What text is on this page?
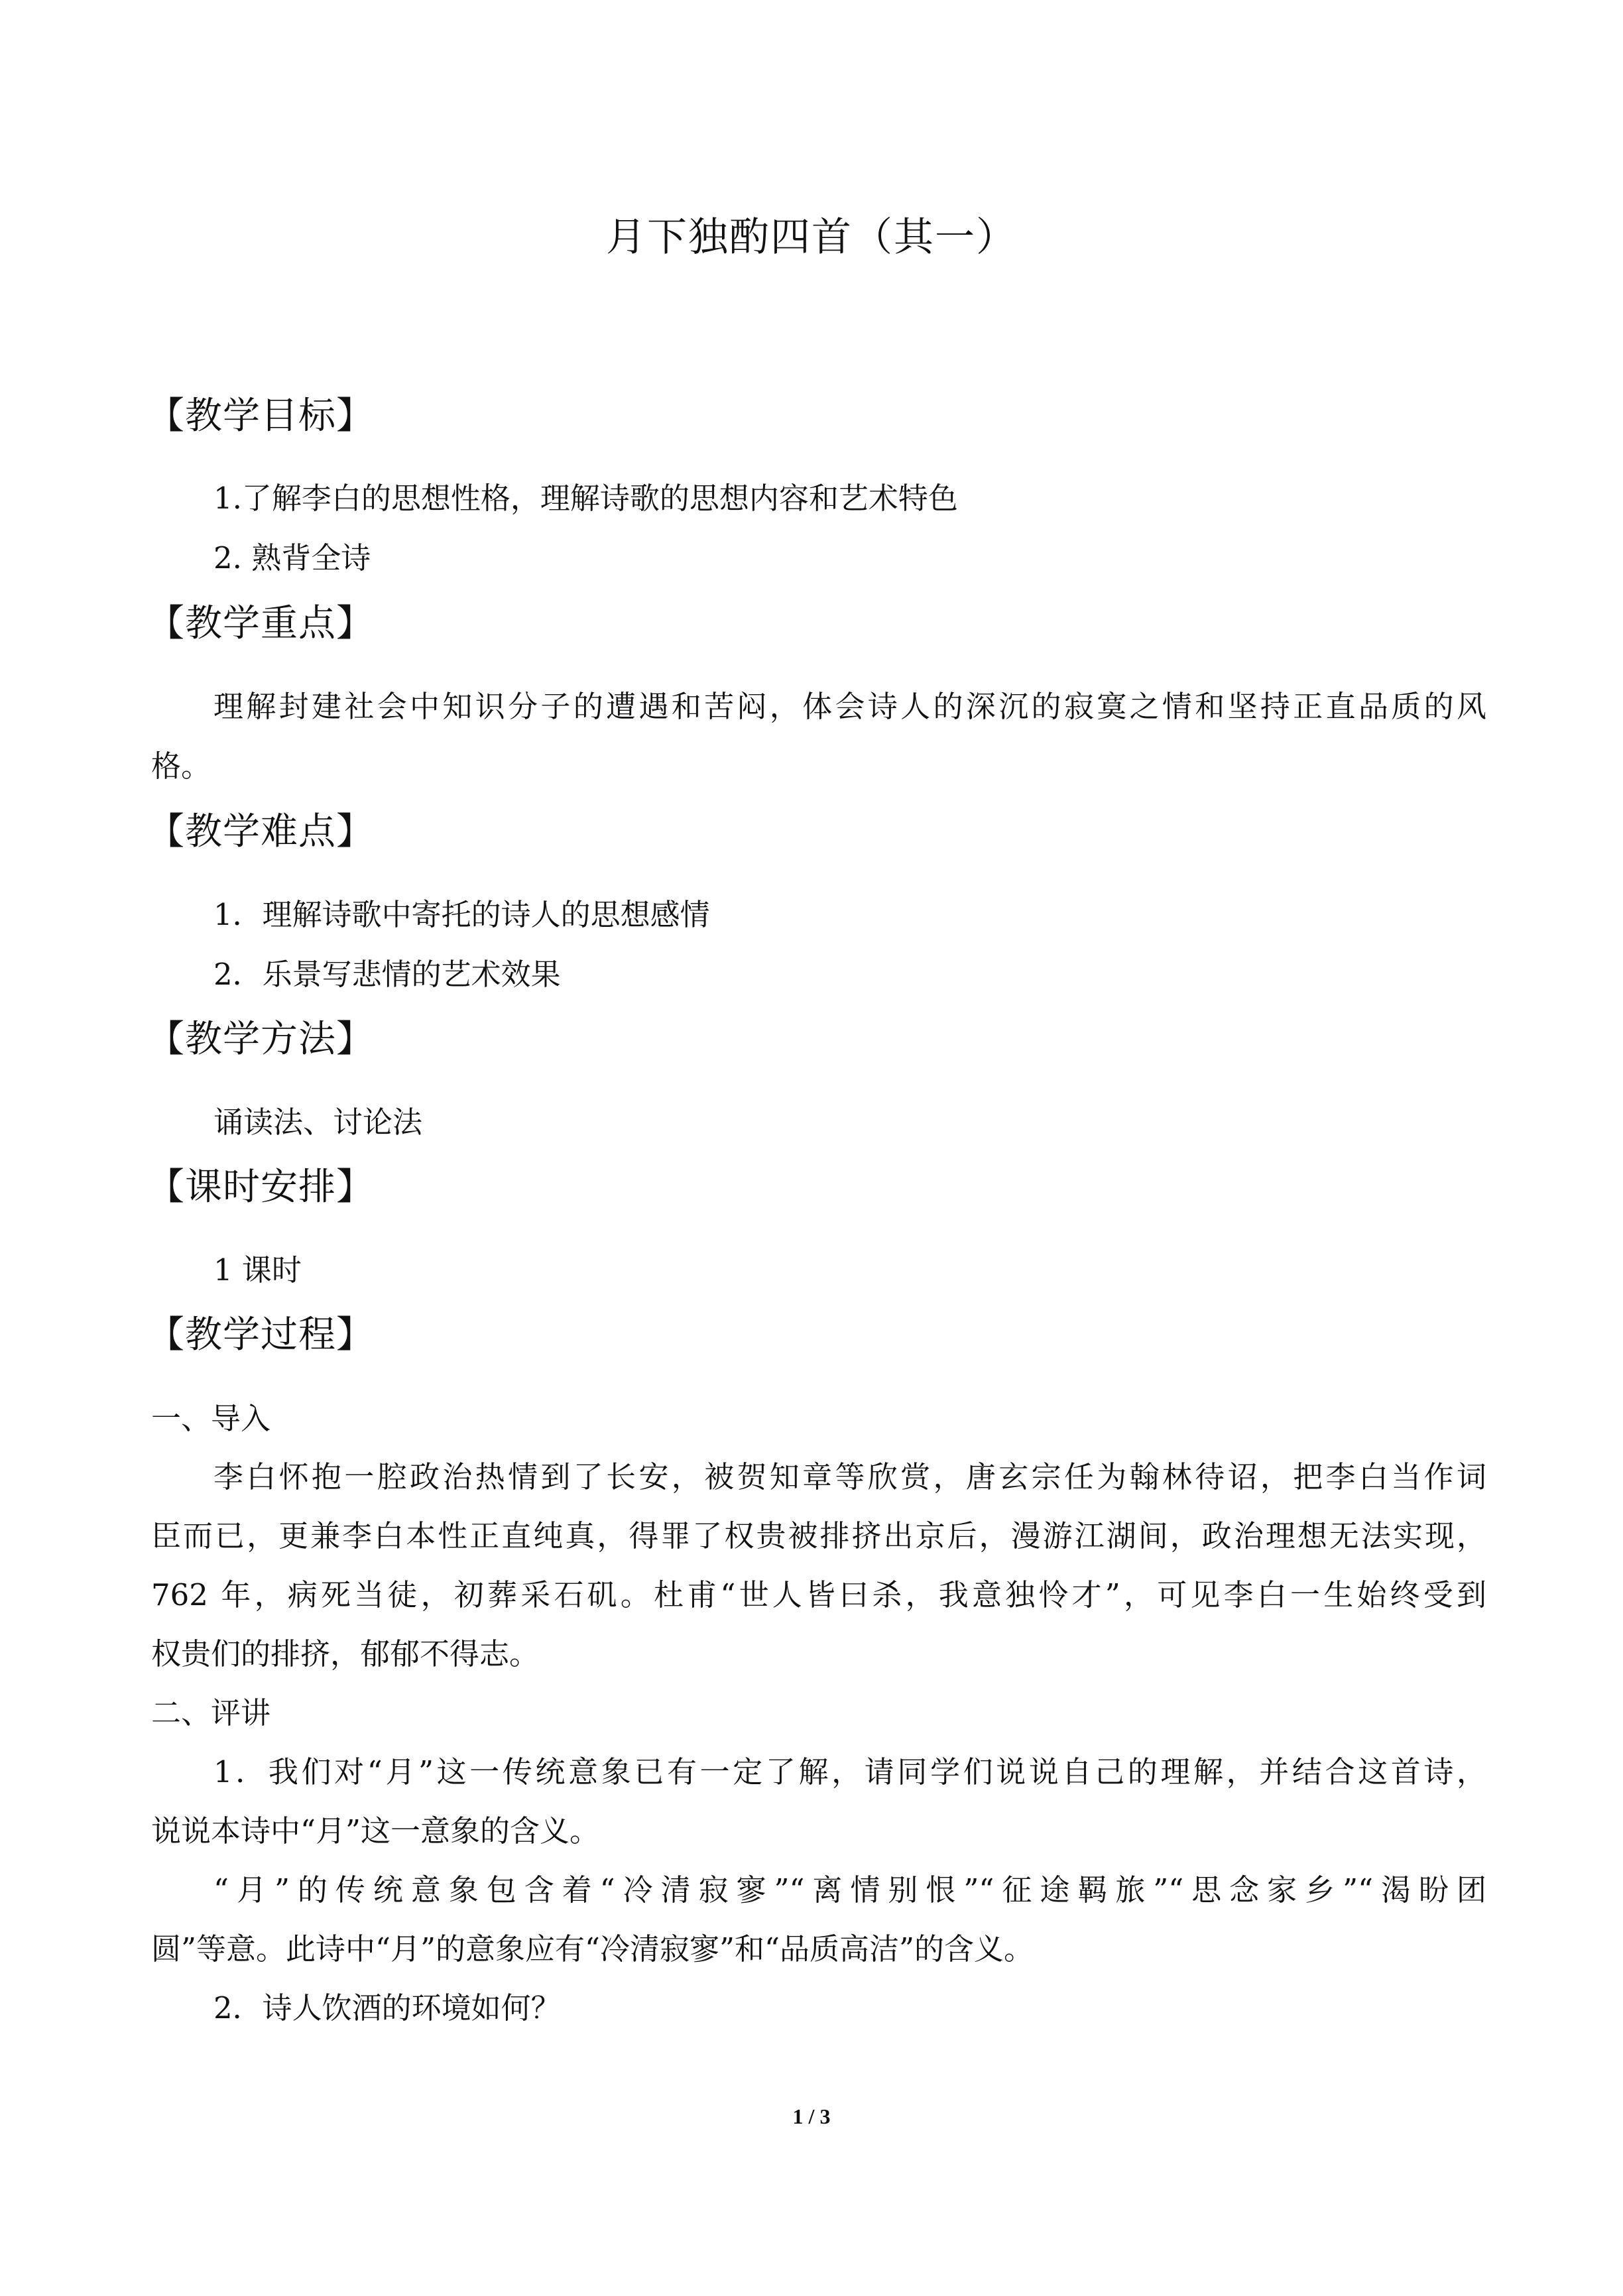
月下独酌四首（其一）
【教学目标】
1.了解李白的思想性格，理解诗歌的思想内容和艺术特色
2. 熟背全诗
【教学重点】
理解封建社会中知识分子的遭遇和苦闷，体会诗人的深沉的寂寞之情和坚持正直品质的风
格。
【教学难点】
1．理解诗歌中寄托的诗人的思想感情
2．乐景写悲情的艺术效果
【教学方法】
诵读法、讨论法
【课时安排】
1 课时
【教学过程】
一、导入
李白怀抱一腔政治热情到了长安，被贺知章等欣赏，唐玄宗任为翰林待诏，把李白当作词
臣而已，更兼李白本性正直纯真，得罪了权贵被排挤出京后，漫游江湖间，政治理想无法实现，
762 年，病死当徒，初葬采石矶。杜甫“世人皆曰杀，我意独怜才”，可见李白一生始终受到
权贵们的排挤，郁郁不得志。
二、评讲
1．我们对“月”这一传统意象已有一定了解，请同学们说说自己的理解，并结合这首诗，
说说本诗中“月”这一意象的含义。
“月”的传统意象包含着“冷清寂寥”“离情别恨”“征途羁旅”“思念家乡”“渴盼团
圆”等意。此诗中“月”的意象应有“冷清寂寥”和“品质高洁”的含义。
2．诗人饮酒的环境如何？
1 / 3
